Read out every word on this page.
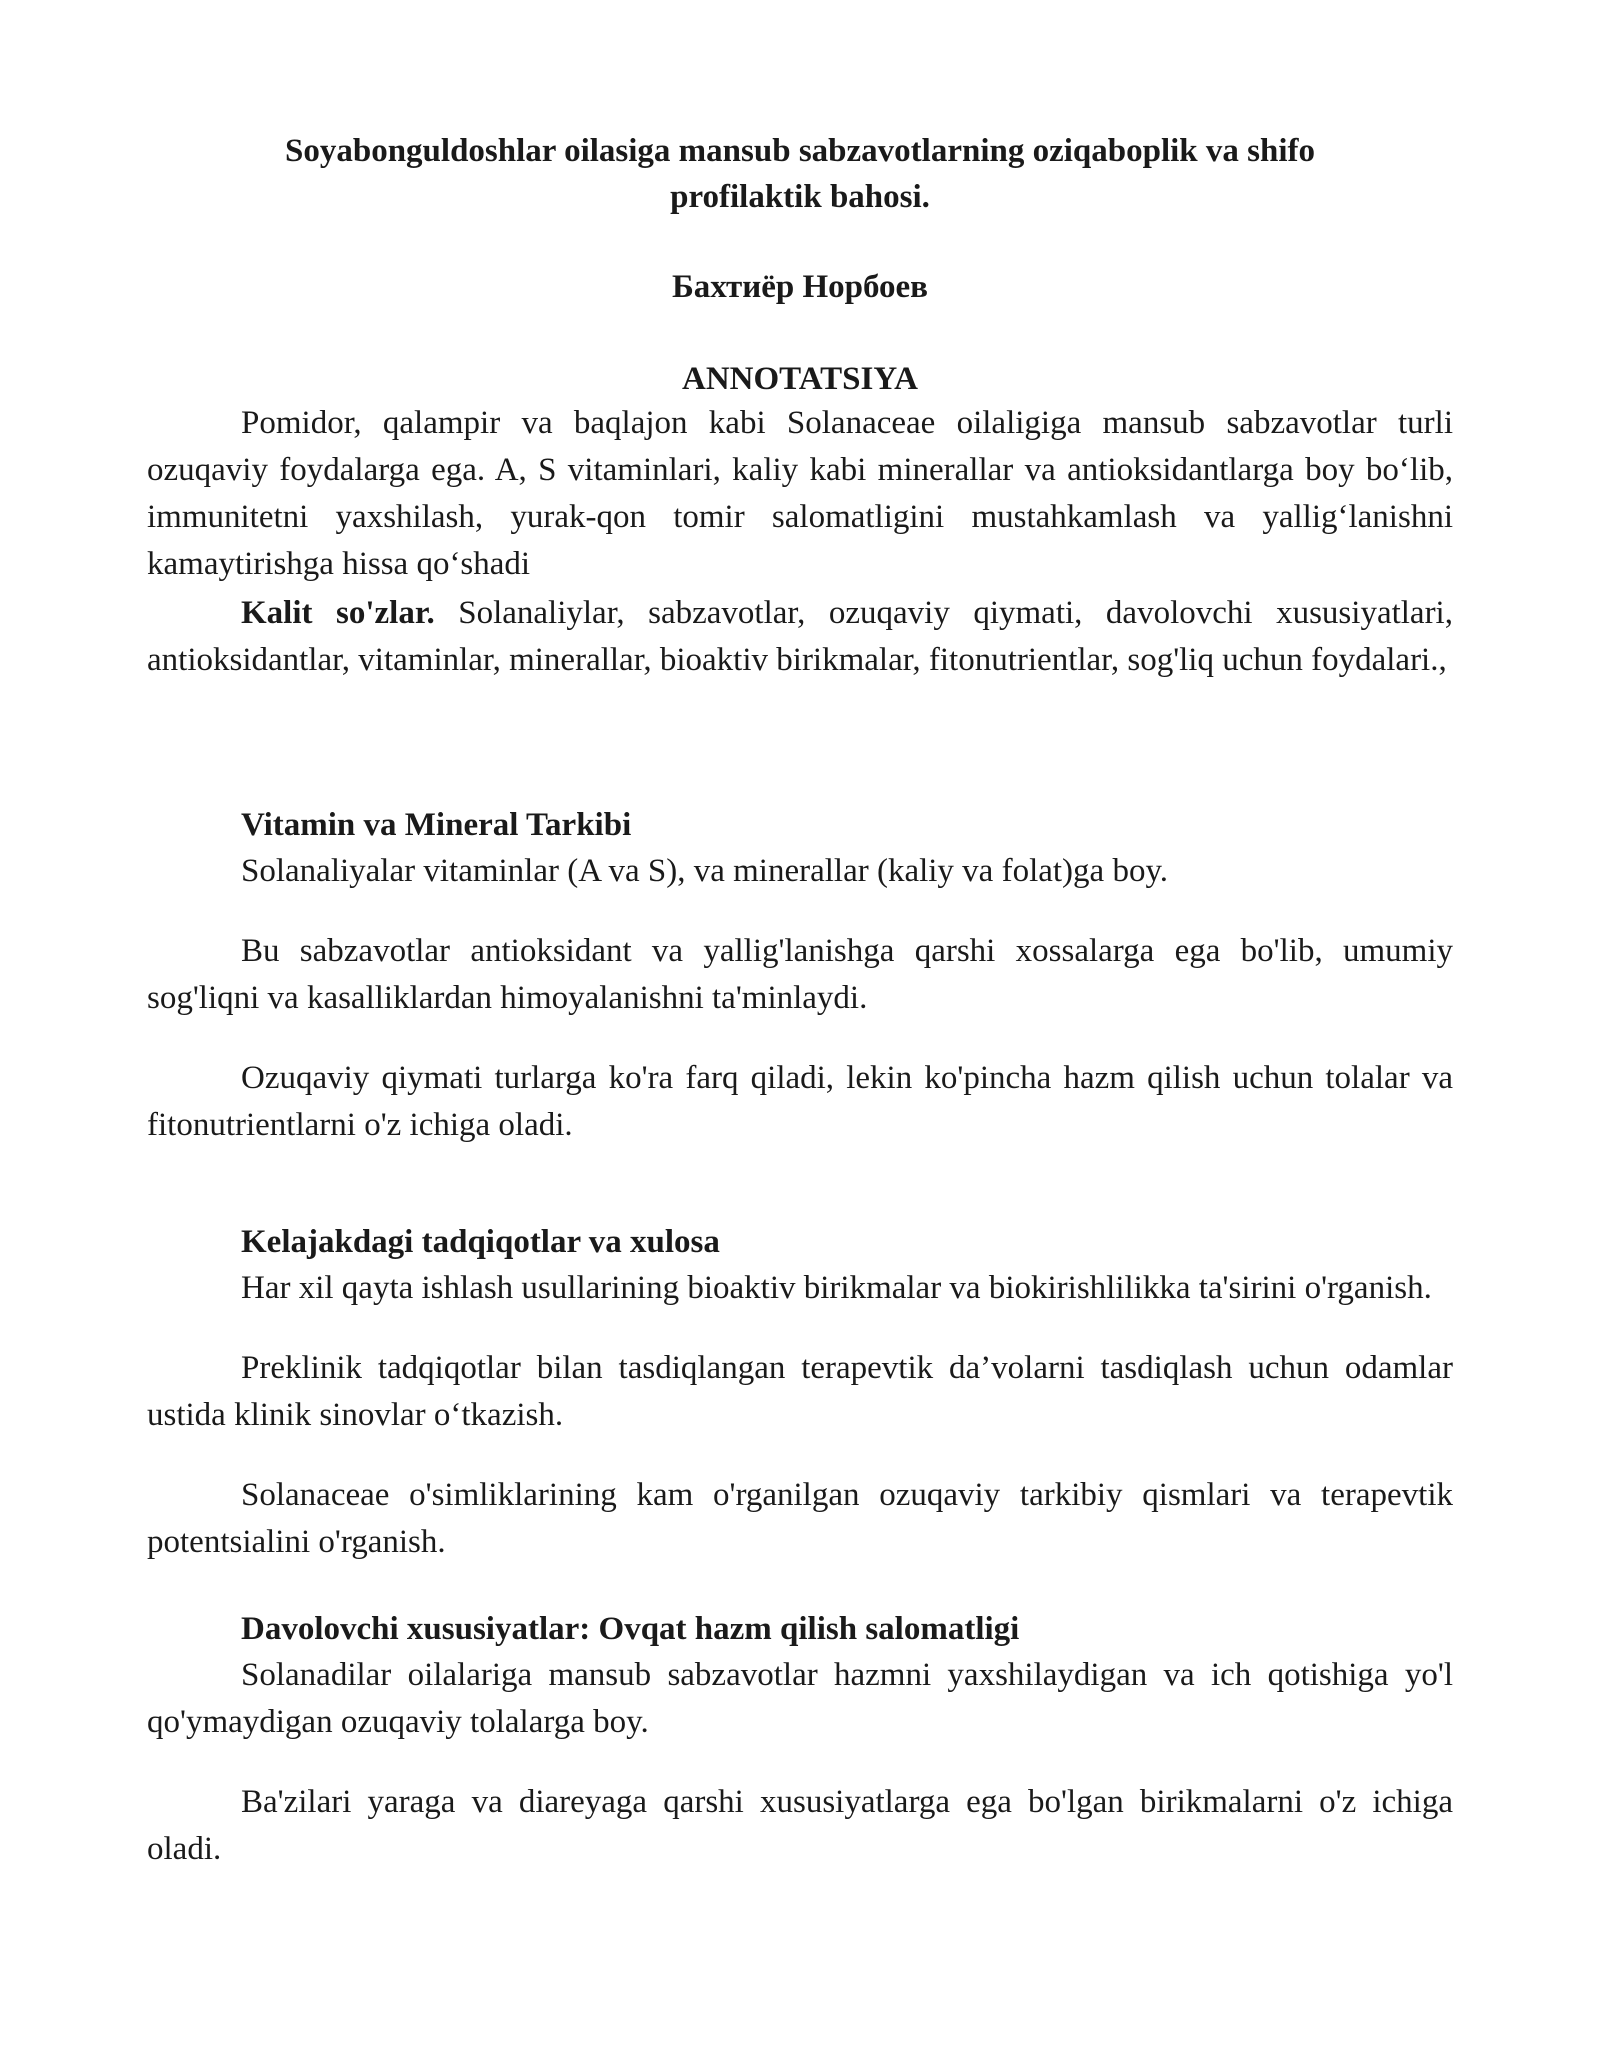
Soyabonguldoshlar oilasiga mansub sabzavotlarning oziqaboplik va shifo profilaktik bahosi.

Бахтиёр Норбоев

ANNOTATSIYA

Pomidor, qalampir va baqlajon kabi Solanaceae oilaligiga mansub sabzavotlar turli ozuqaviy foydalarga ega. A, S vitaminlari, kaliy kabi minerallar va antioksidantlarga boy bo‘lib, immunitetni yaxshilash, yurak-qon tomir salomatligini mustahkamlash va yallig‘lanishni kamaytirishga hissa qo‘shadi

Kalit so'zlar. Solanaliylar, sabzavotlar, ozuqaviy qiymati, davolovchi xususiyatlari, antioksidantlar, vitaminlar, minerallar, bioaktiv birikmalar, fitonutrientlar, sog'liq uchun foydalari.,

Vitamin va Mineral Tarkibi

Solanaliyalar vitaminlar (A va S), va minerallar (kaliy va folat)ga boy.

Bu sabzavotlar antioksidant va yallig'lanishga qarshi xossalarga ega bo'lib, umumiy sog'liqni va kasalliklardan himoyalanishni ta'minlaydi.

Ozuqaviy qiymati turlarga ko'ra farq qiladi, lekin ko'pincha hazm qilish uchun tolalar va fitonutrientlarni o'z ichiga oladi.

Kelajakdagi tadqiqotlar va xulosa

Har xil qayta ishlash usullarining bioaktiv birikmalar va biokirishlilikka ta'sirini o'rganish.

Preklinik tadqiqotlar bilan tasdiqlangan terapevtik da’volarni tasdiqlash uchun odamlar ustida klinik sinovlar o‘tkazish.

Solanaceae o'simliklarining kam o'rganilgan ozuqaviy tarkibiy qismlari va terapevtik potentsialini o'rganish.

Davolovchi xususiyatlar: Ovqat hazm qilish salomatligi

Solanadilar oilalariga mansub sabzavotlar hazmni yaxshilaydigan va ich qotishiga yo'l qo'ymaydigan ozuqaviy tolalarga boy.

Ba'zilari yaraga va diareyaga qarshi xususiyatlarga ega bo'lgan birikmalarni o'z ichiga oladi.
